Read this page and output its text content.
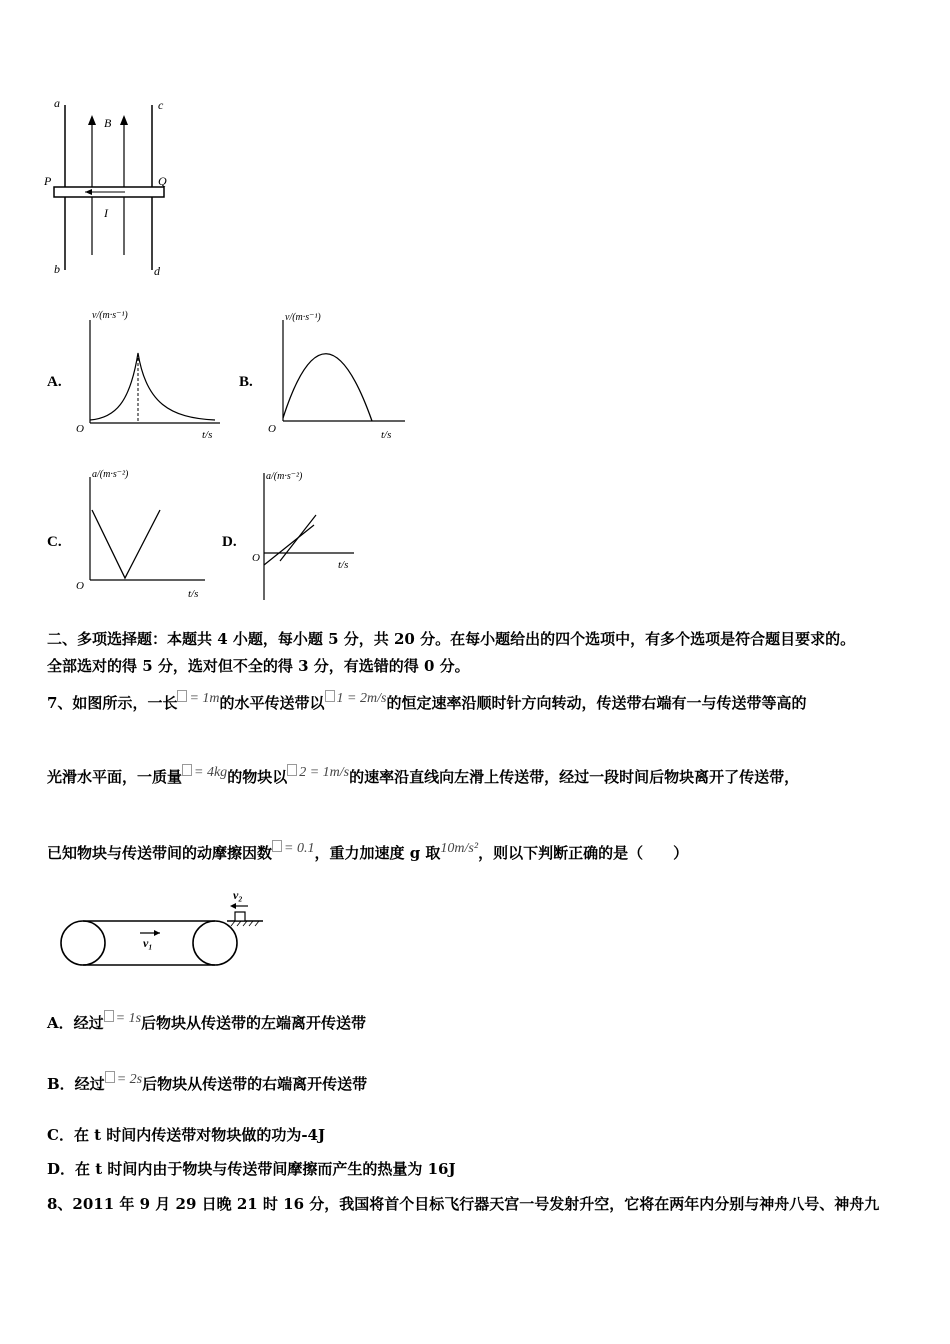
a	c
b	d
P	Q
B
I
A.
v/(m·s⁻¹)
t/s
O
B.
v/(m·s⁻¹)
t/s
O
C.
a/(m·s⁻²)
t/s
O
D.
a/(m·s⁻²)
t/s
O
二、多项选择题：本题共 4 小题，每小题 5 分，共 20 分。在每小题给出的四个选项中，有多个选项是符合题目要求的。
全部选对的得 5 分，选对但不全的得 3 分，有选错的得 0 分。
7、如图所示，一长 = 1m的水平传送带以 1 = 2m/s的恒定速率沿顺时针方向转动，传送带右端有一与传送带等高的
光滑水平面，一质量 = 4kg的物块以 2 = 1m/s的速率沿直线向左滑上传送带，经过一段时间后物块离开了传送带，
已知物块与传送带间的动摩擦因数 = 0.1，重力加速度 g 取10m/s²，则以下判断正确的是（　　）
v₁
v₂
A．经过 = 1s后物块从传送带的左端离开传送带
B．经过 = 2s后物块从传送带的右端离开传送带
C．在 t 时间内传送带对物块做的功为-4J
D．在 t 时间内由于物块与传送带间摩擦而产生的热量为 16J
8、2011 年 9 月 29 日晚 21 时 16 分，我国将首个目标飞行器天宫一号发射升空，它将在两年内分别与神舟八号、神舟九
